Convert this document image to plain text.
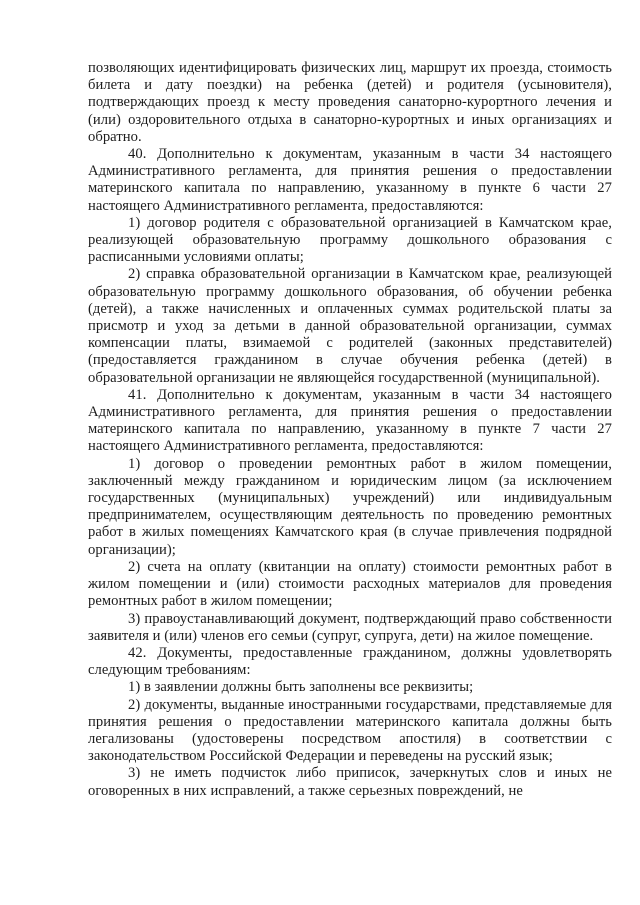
позволяющих идентифицировать физических лиц, маршрут их проезда, стоимость билета и дату поездки) на ребенка (детей) и родителя (усыновителя), подтверждающих проезд к месту проведения санаторно-курортного лечения и (или) оздоровительного отдыха в санаторно-курортных и иных организациях и обратно.

40. Дополнительно к документам, указанным в части 34 настоящего Административного регламента, для принятия решения о предоставлении материнского капитала по направлению, указанному в пункте 6 части 27 настоящего Административного регламента, предоставляются:

1) договор родителя с образовательной организацией в Камчатском крае, реализующей образовательную программу дошкольного образования с расписанными условиями оплаты;

2) справка образовательной организации в Камчатском крае, реализующей образовательную программу дошкольного образования, об обучении ребенка (детей), а также начисленных и оплаченных суммах родительской платы за присмотр и уход за детьми в данной образовательной организации, суммах компенсации платы, взимаемой с родителей (законных представителей) (предоставляется гражданином в случае обучения ребенка (детей) в образовательной организации не являющейся государственной (муниципальной).

41. Дополнительно к документам, указанным в части 34 настоящего Административного регламента, для принятия решения о предоставлении материнского капитала по направлению, указанному в пункте 7 части 27 настоящего Административного регламента, предоставляются:

1) договор о проведении ремонтных работ в жилом помещении, заключенный между гражданином и юридическим лицом (за исключением государственных (муниципальных) учреждений) или индивидуальным предпринимателем, осуществляющим деятельность по проведению ремонтных работ в жилых помещениях Камчатского края (в случае привлечения подрядной организации);

2) счета на оплату (квитанции на оплату) стоимости ремонтных работ в жилом помещении и (или) стоимости расходных материалов для проведения ремонтных работ в жилом помещении;

3) правоустанавливающий документ, подтверждающий право собственности заявителя и (или) членов его семьи (супруг, супруга, дети) на жилое помещение.

42. Документы, предоставленные гражданином, должны удовлетворять следующим требованиям:

1) в заявлении должны быть заполнены все реквизиты;

2) документы, выданные иностранными государствами, представляемые для принятия решения о предоставлении материнского капитала должны быть легализованы (удостоверены посредством апостиля) в соответствии с законодательством Российской Федерации и переведены на русский язык;

3) не иметь подчисток либо приписок, зачеркнутых слов и иных не оговоренных в них исправлений, а также серьезных повреждений, не
